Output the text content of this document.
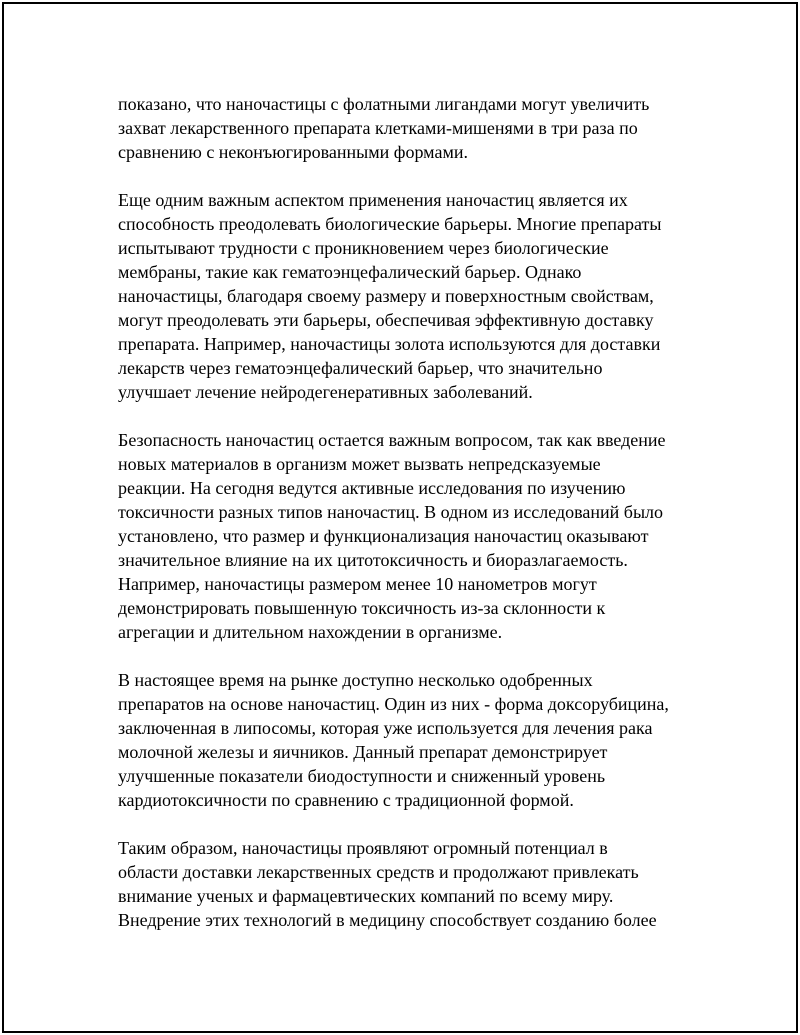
показано, что наночастицы с фолатными лигандами могут увеличить
захват лекарственного препарата клетками-мишенями в три раза по
сравнению с неконъюгированными формами.

Еще одним важным аспектом применения наночастиц является их
способность преодолевать биологические барьеры. Многие препараты
испытывают трудности с проникновением через биологические
мембраны, такие как гематоэнцефалический барьер. Однако
наночастицы, благодаря своему размеру и поверхностным свойствам,
могут преодолевать эти барьеры, обеспечивая эффективную доставку
препарата. Например, наночастицы золота используются для доставки
лекарств через гематоэнцефалический барьер, что значительно
улучшает лечение нейродегенеративных заболеваний.

Безопасность наночастиц остается важным вопросом, так как введение
новых материалов в организм может вызвать непредсказуемые
реакции. На сегодня ведутся активные исследования по изучению
токсичности разных типов наночастиц. В одном из исследований было
установлено, что размер и функционализация наночастиц оказывают
значительное влияние на их цитотоксичность и биоразлагаемость.
Например, наночастицы размером менее 10 нанометров могут
демонстрировать повышенную токсичность из-за склонности к
агрегации и длительном нахождении в организме.

В настоящее время на рынке доступно несколько одобренных
препаратов на основе наночастиц. Один из них - форма доксорубицина,
заключенная в липосомы, которая уже используется для лечения рака
молочной железы и яичников. Данный препарат демонстрирует
улучшенные показатели биодоступности и сниженный уровень
кардиотоксичности по сравнению с традиционной формой.

Таким образом, наночастицы проявляют огромный потенциал в
области доставки лекарственных средств и продолжают привлекать
внимание ученых и фармацевтических компаний по всему миру.
Внедрение этих технологий в медицину способствует созданию более
